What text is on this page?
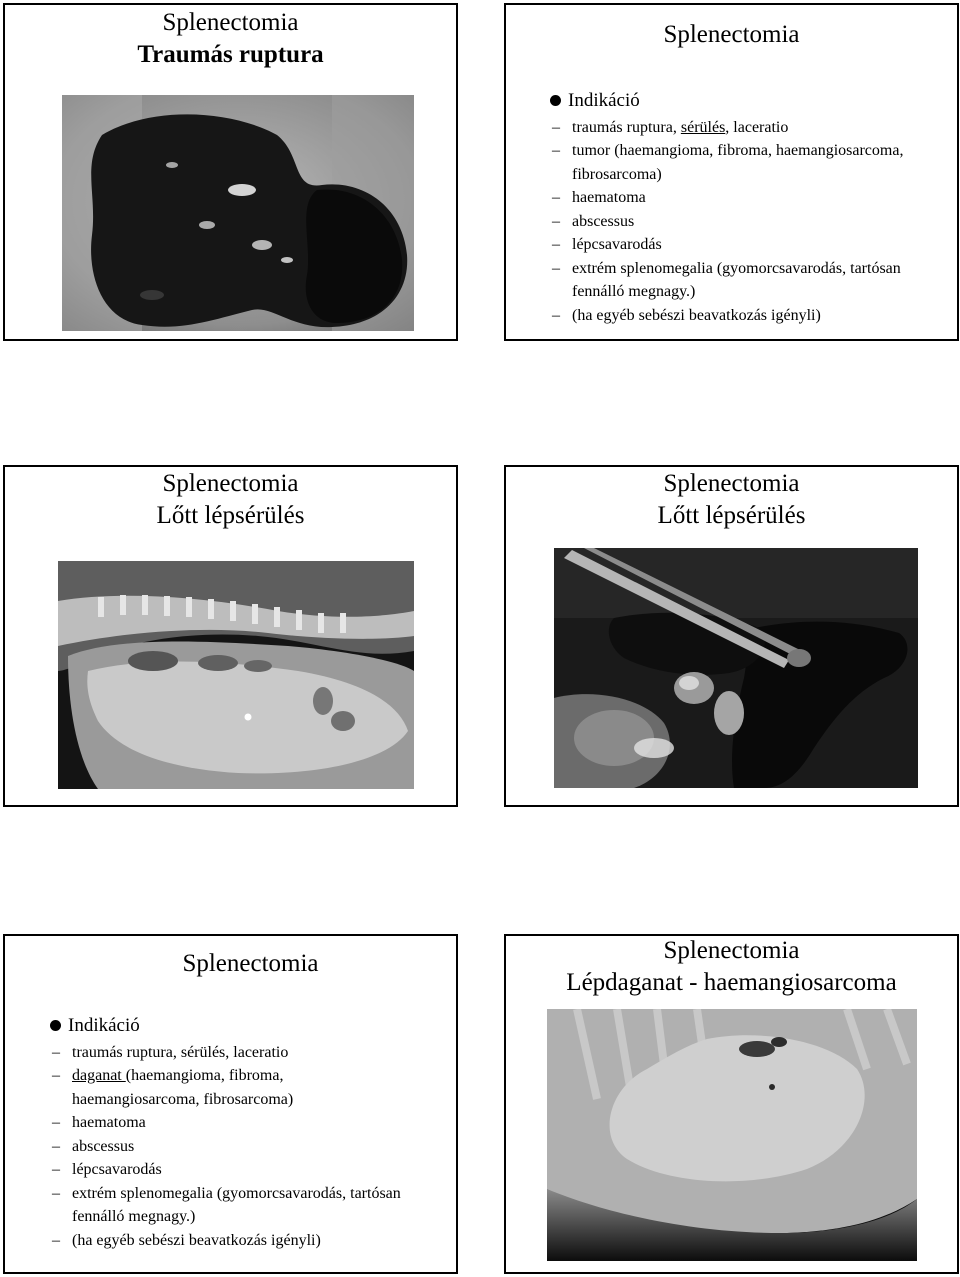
Splenectomia
Traumás ruptura
Splenectomia
Indikáció
– traumás ruptura, sérülés, laceratio
– tumor (haemangioma, fibroma, haemangiosarcoma,
fibrosarcoma)
– haematoma
– abscessus
– lépcsavarodás
– extrém splenomegalia (gyomorcsavarodás, tartósan
fennálló megnagy.)
– (ha egyéb sebészi beavatkozás igényli)
Splenectomia
Lőtt lépsérülés
Splenectomia
Lőtt lépsérülés
Splenectomia
Indikáció
– traumás ruptura, sérülés, laceratio
– daganat (haemangioma, fibroma,
haemangiosarcoma, fibrosarcoma)
– haematoma
– abscessus
– lépcsavarodás
– extrém splenomegalia (gyomorcsavarodás, tartósan
fennálló megnagy.)
– (ha egyéb sebészi beavatkozás igényli)
Splenectomia
Lépdaganat - haemangiosarcoma
